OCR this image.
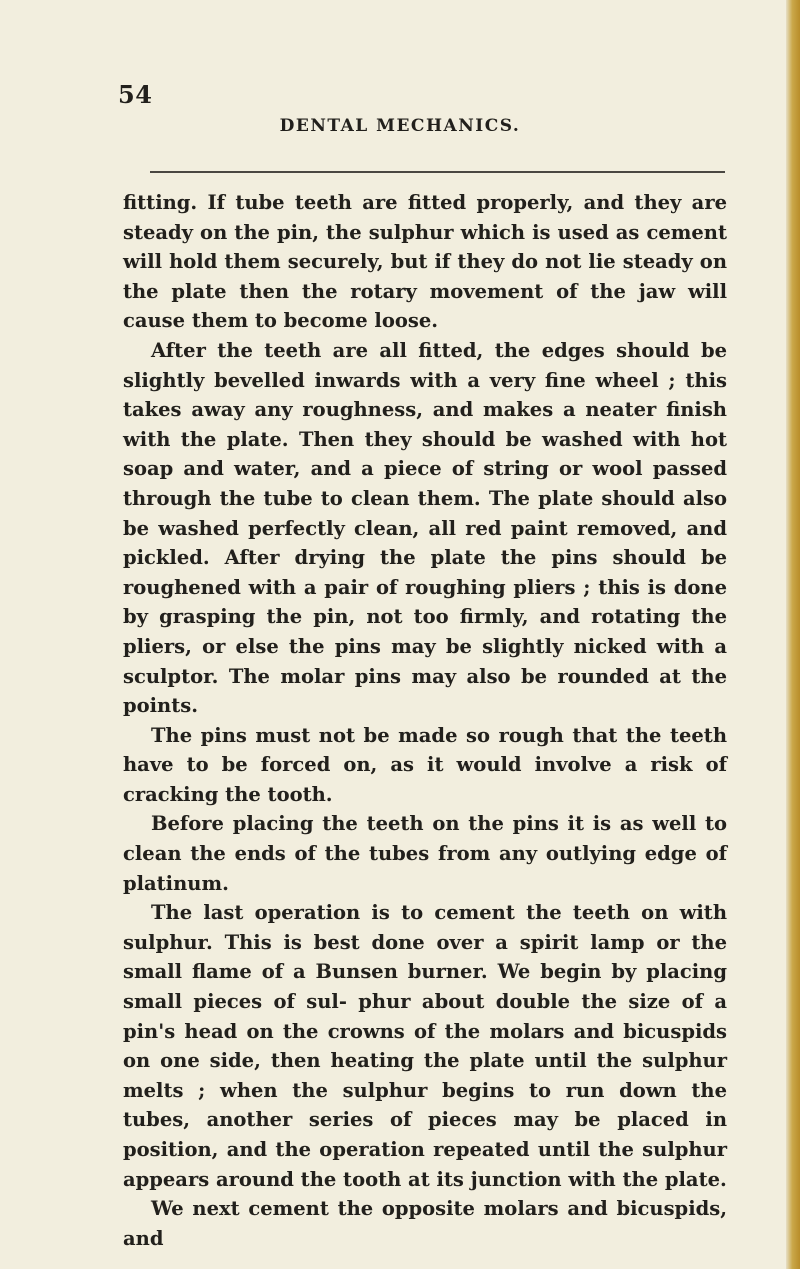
54
DENTAL MECHANICS.

fitting. If tube teeth are fitted properly, and they are steady on the pin, the sulphur which is used as cement will hold them securely, but if they do not lie steady on the plate then the rotary movement of the jaw will cause them to become loose.

After the teeth are all fitted, the edges should be slightly bevelled inwards with a very fine wheel ; this takes away any roughness, and makes a neater finish with the plate. Then they should be washed with hot soap and water, and a piece of string or wool passed through the tube to clean them. The plate should also be washed perfectly clean, all red paint removed, and pickled. After drying the plate the pins should be roughened with a pair of roughing pliers ; this is done by grasping the pin, not too firmly, and rotating the pliers, or else the pins may be slightly nicked with a sculptor. The molar pins may also be rounded at the points.

The pins must not be made so rough that the teeth have to be forced on, as it would involve a risk of cracking the tooth.

Before placing the teeth on the pins it is as well to clean the ends of the tubes from any outlying edge of platinum.

The last operation is to cement the teeth on with sulphur. This is best done over a spirit lamp or the small flame of a Bunsen burner. We begin by placing small pieces of sul- phur about double the size of a pin's head on the crowns of the molars and bicuspids on one side, then heating the plate until the sulphur melts ; when the sulphur begins to run down the tubes, another series of pieces may be placed in position, and the operation repeated until the sulphur appears around the tooth at its junction with the plate.

We next cement the opposite molars and bicuspids, and
